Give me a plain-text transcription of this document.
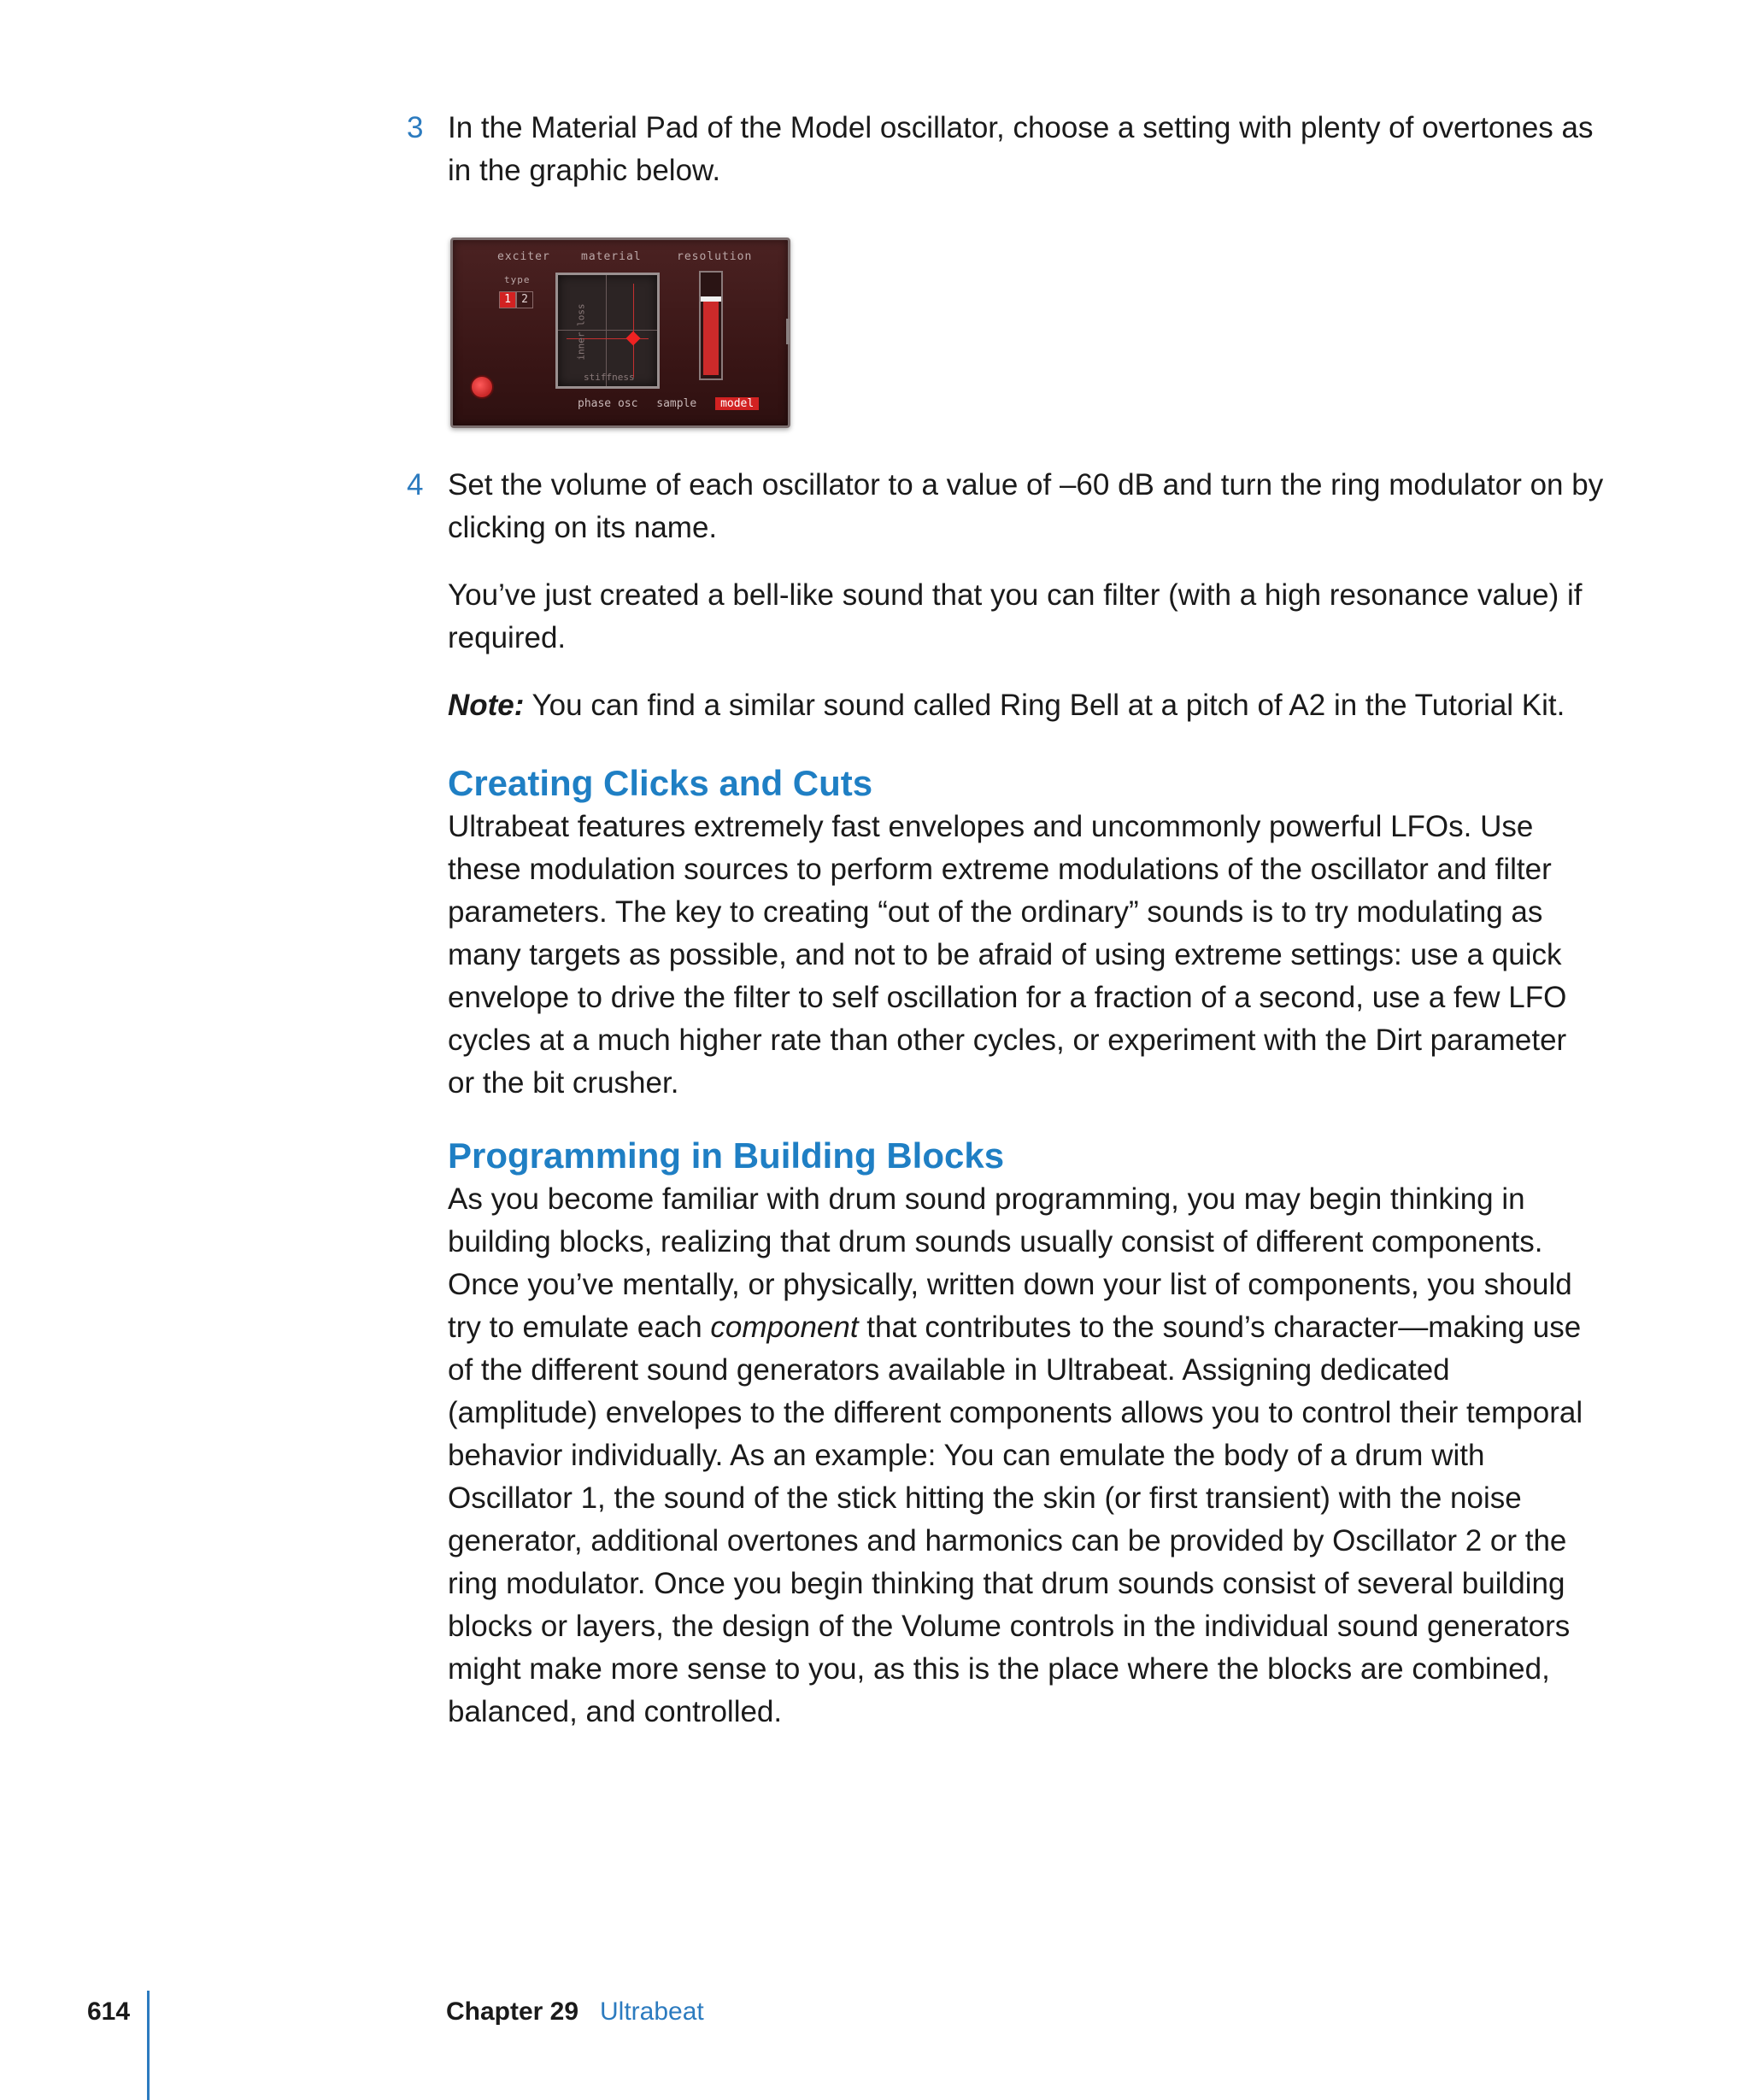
3 In the Material Pad of the Model oscillator, choose a setting with plenty of overtones as in the graphic below.
exciter	material	resolution
type
1 2
stiffness
inner loss
phase osc sample model
4 Set the volume of each oscillator to a value of –60 dB and turn the ring modulator on by clicking on its name.

You’ve just created a bell-like sound that you can filter (with a high resonance value) if required.

Note: You can find a similar sound called Ring Bell at a pitch of A2 in the Tutorial Kit.

Creating Clicks and Cuts

Ultrabeat features extremely fast envelopes and uncommonly powerful LFOs. Use these modulation sources to perform extreme modulations of the oscillator and filter parameters. The key to creating “out of the ordinary” sounds is to try modulating as many targets as possible, and not to be afraid of using extreme settings: use a quick envelope to drive the filter to self oscillation for a fraction of a second, use a few LFO cycles at a much higher rate than other cycles, or experiment with the Dirt parameter or the bit crusher.

Programming in Building Blocks

As you become familiar with drum sound programming, you may begin thinking in building blocks, realizing that drum sounds usually consist of different components. Once you’ve mentally, or physically, written down your list of components, you should try to emulate each component that contributes to the sound’s character—making use of the different sound generators available in Ultrabeat. Assigning dedicated (amplitude) envelopes to the different components allows you to control their temporal behavior individually. As an example: You can emulate the body of a drum with Oscillator 1, the sound of the stick hitting the skin (or first transient) with the noise generator, additional overtones and harmonics can be provided by Oscillator 2 or the ring modulator. Once you begin thinking that drum sounds consist of several building blocks or layers, the design of the Volume controls in the individual sound generators might make more sense to you, as this is the place where the blocks are combined, balanced, and controlled.

614	Chapter 29 Ultrabeat
